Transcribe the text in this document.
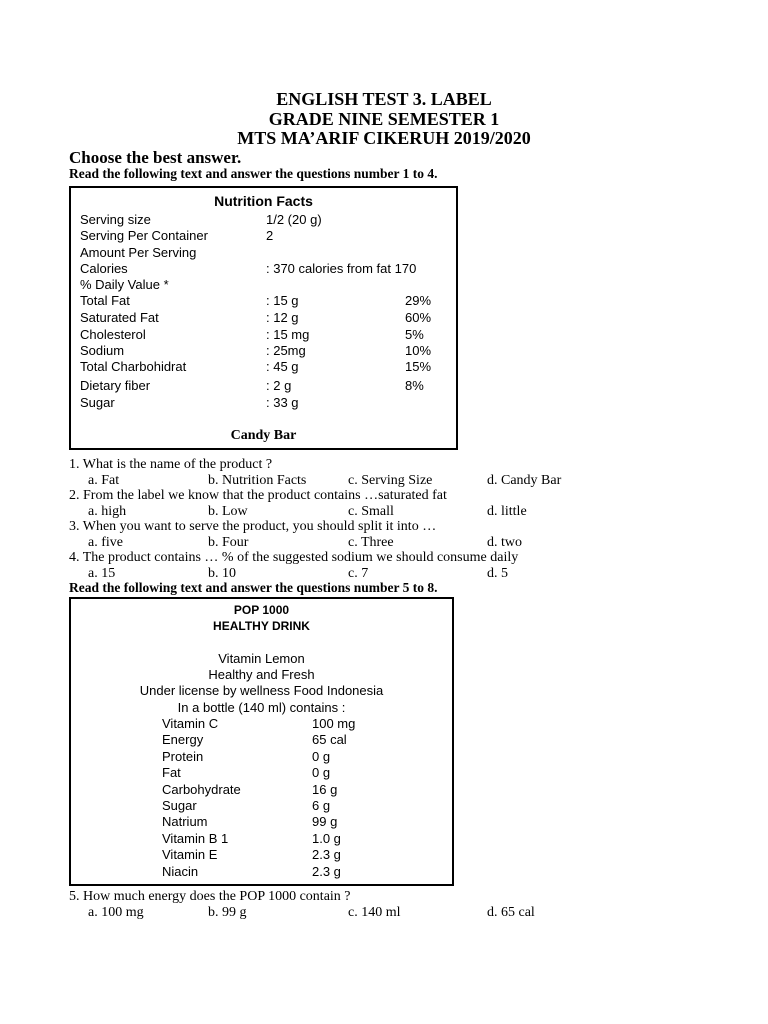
ENGLISH TEST 3. LABEL
GRADE NINE SEMESTER 1
MTS MA’ARIF CIKERUH 2019/2020
Choose the best answer.
Read the following text and answer the questions number 1 to 4.
Nutrition Facts
Serving size	1/2 (20 g)
Serving Per Container	2
Amount Per Serving
Calories	: 370 calories from fat 170
% Daily Value *
Total Fat	: 15 g	29%
Saturated Fat	: 12 g	60%
Cholesterol	: 15 mg	5%
Sodium	: 25mg	10%
Total Charbohidrat	: 45 g	15%
Dietary fiber	: 2 g	8%
Sugar	: 33 g
Candy Bar
1. What is the name of the product ?
a. Fat	b. Nutrition Facts	c. Serving Size	d. Candy Bar
2. From the label we know that the product contains …saturated fat
a. high	b. Low	c. Small	d. little
3. When you want to serve the product, you should split it into …
a. five	b. Four	c. Three	d. two
4. The product contains … % of the suggested sodium we should consume daily
a. 15	b. 10	c. 7	d. 5
Read the following text and answer the questions number 5 to 8.
POP 1000
HEALTHY DRINK
Vitamin Lemon
Healthy and Fresh
Under license by wellness Food Indonesia
In a bottle (140 ml) contains :
Vitamin C	100 mg
Energy	65 cal
Protein	0 g
Fat	0 g
Carbohydrate	16 g
Sugar	6 g
Natrium	99 g
Vitamin B 1	1.0 g
Vitamin E	2.3 g
Niacin	2.3 g
5. How much energy does the POP 1000 contain ?
a. 100 mg	b. 99 g	c. 140 ml	d. 65 cal
